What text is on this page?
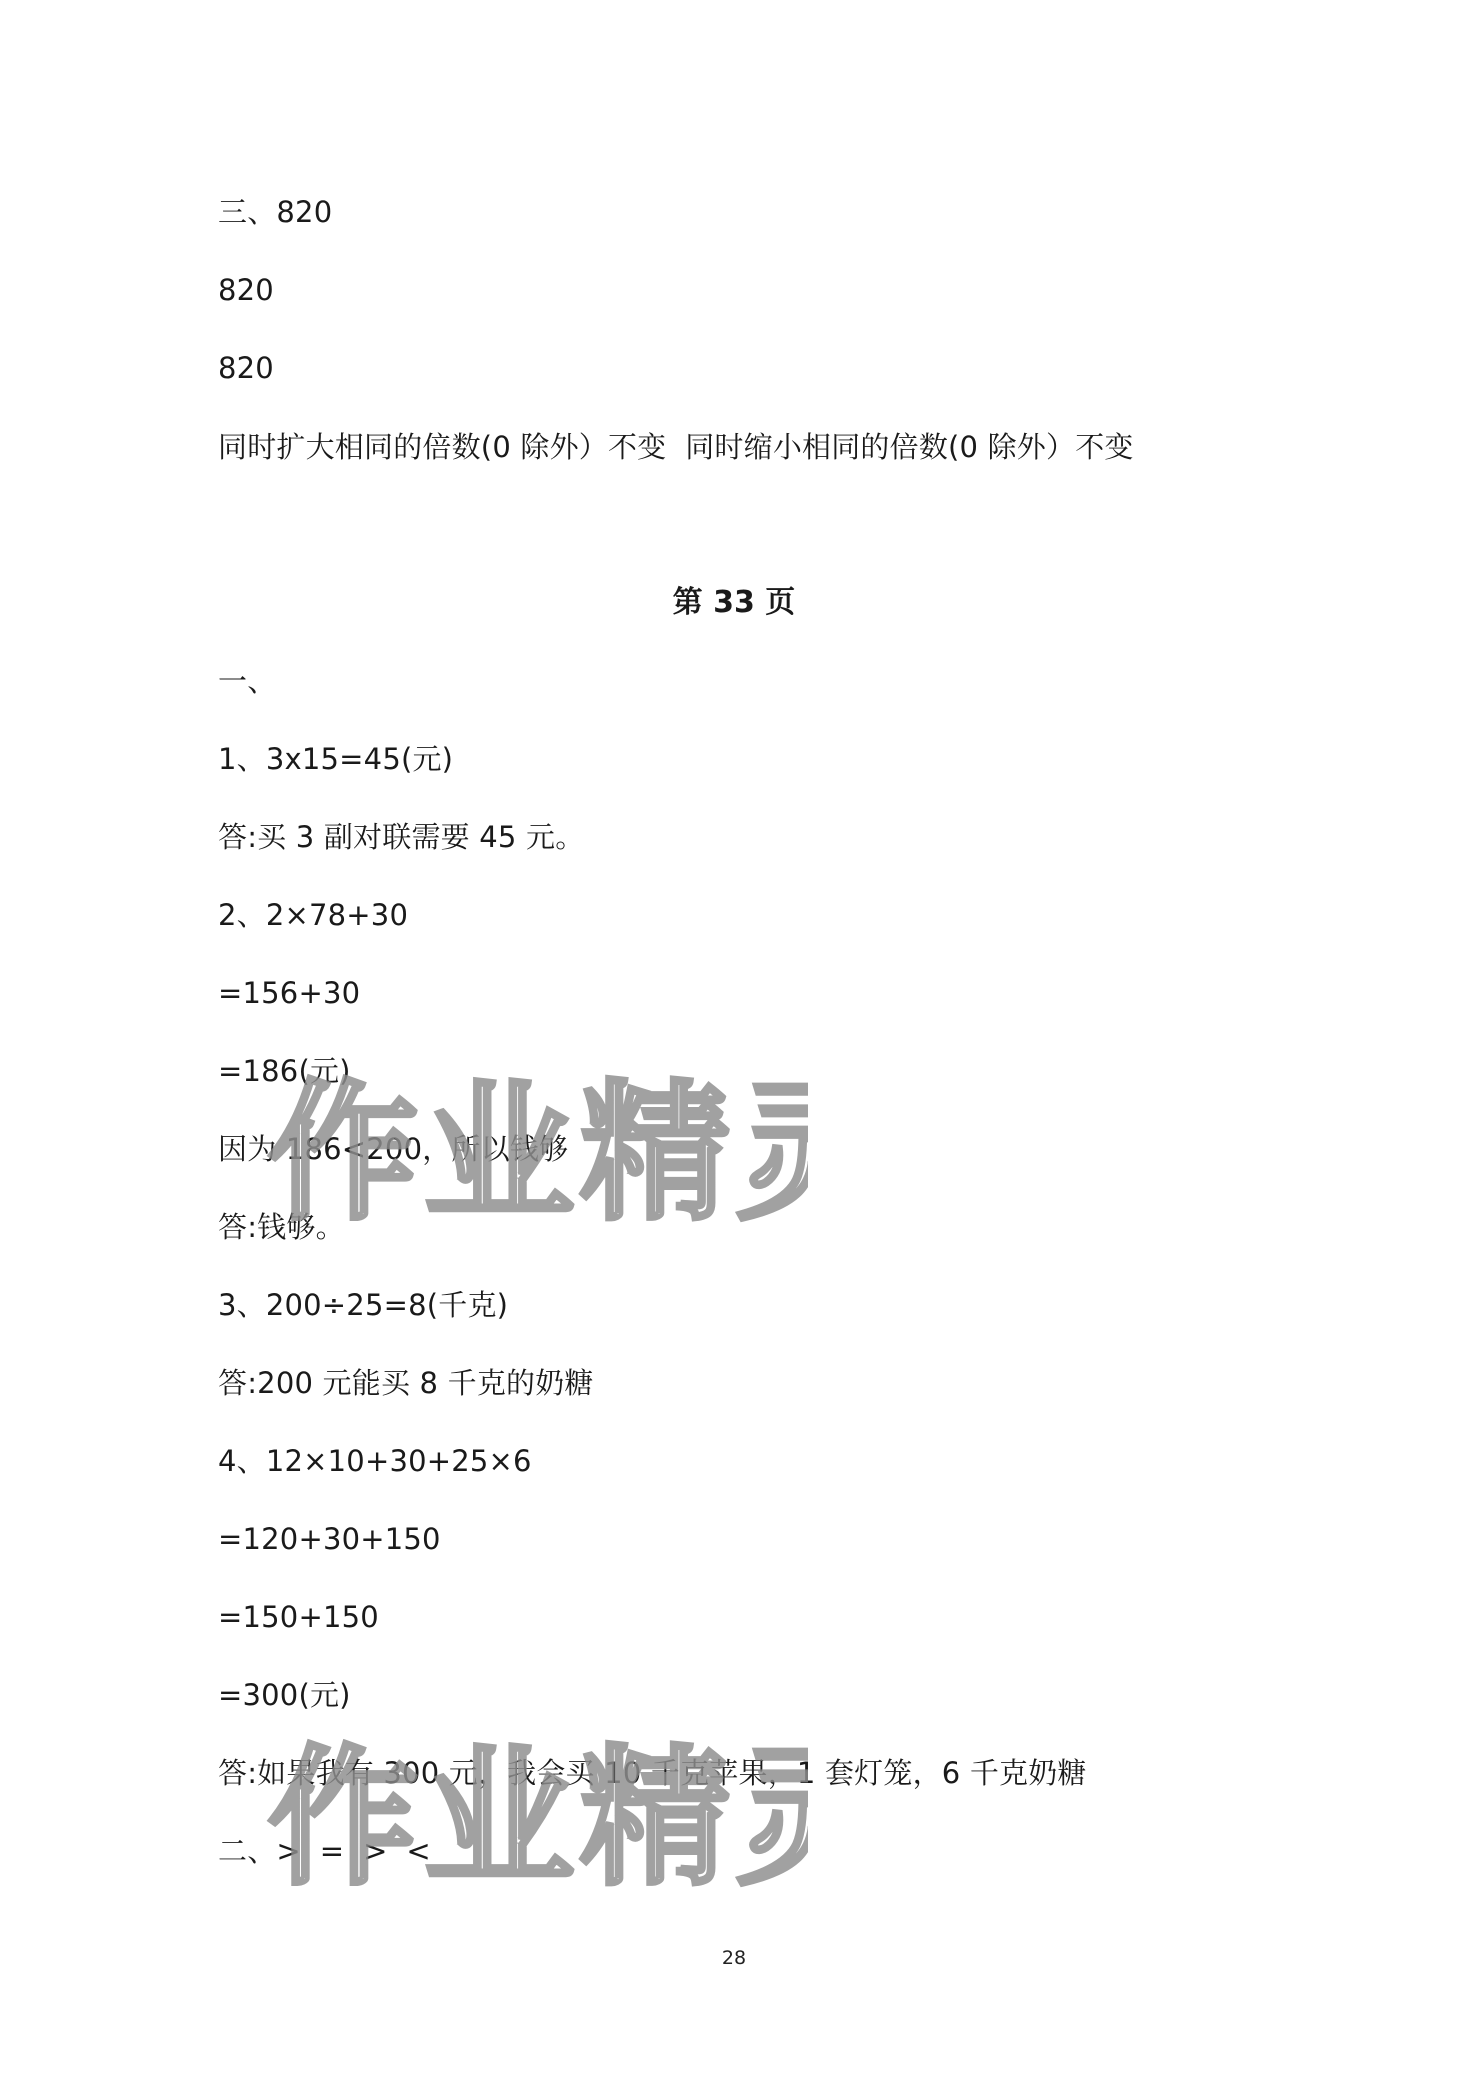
三、820
820
820
同时扩大相同的倍数(0 除外）不变  同时缩小相同的倍数(0 除外）不变
第 33 页
一、
1、3x15=45(元)
答:买 3 副对联需要 45 元。
2、2×78+30
=156+30
=186(元)
因为 186<200，所以钱够
答:钱够。
3、200÷25=8(千克)
答:200 元能买 8 千克的奶糖
4、12×10+30+25×6
=120+30+150
=150+150
=300(元)
答:如果我有 300 元，我会买 10 千克苹果，1 套灯笼，6 千克奶糖
二、>  =  >  <
作业精
作业精
28
